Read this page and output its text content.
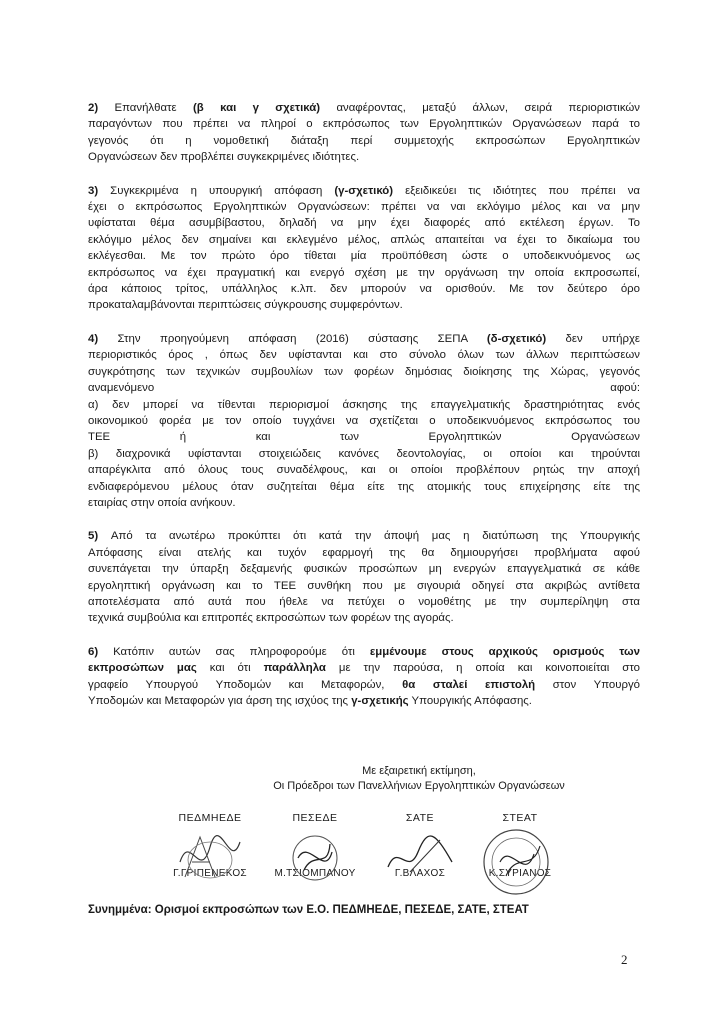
2) Επανήλθατε (β και γ σχετικά) αναφέροντας, μεταξύ άλλων, σειρά περιοριστικών
παραγόντων που πρέπει να πληροί ο εκπρόσωπος των Εργοληπτικών Οργανώσεων παρά το
γεγονός ότι η νομοθετική διάταξη περί συμμετοχής εκπροσώπων Εργοληπτικών
Οργανώσεων δεν προβλέπει συγκεκριμένες ιδιότητες.
3) Συγκεκριμένα η υπουργική απόφαση (γ-σχετικό) εξειδικεύει τις ιδιότητες που πρέπει να
έχει ο εκπρόσωπος Εργοληπτικών Οργανώσεων: πρέπει να ναι εκλόγιμο μέλος και να μην
υφίσταται θέμα ασυμβίβαστου, δηλαδή να μην έχει διαφορές από εκτέλεση έργων. Το
εκλόγιμο μέλος δεν σημαίνει και εκλεγμένο μέλος, απλώς απαιτείται να έχει το δικαίωμα του
εκλέγεσθαι. Με τον πρώτο όρο τίθεται μία προϋπόθεση ώστε ο υποδεικνυόμενος ως
εκπρόσωπος να έχει πραγματική και ενεργό σχέση με την οργάνωση την οποία εκπροσωπεί,
άρα κάποιος τρίτος, υπάλληλος κ.λπ. δεν μπορούν να ορισθούν. Με τον δεύτερο όρο
προκαταλαμβάνονται περιπτώσεις σύγκρουσης συμφερόντων.
4) Στην προηγούμενη απόφαση (2016) σύστασης ΣΕΠΑ (δ-σχετικό) δεν υπήρχε
περιοριστικός όρος , όπως δεν υφίστανται και στο σύνολο όλων των άλλων περιπτώσεων
συγκρότησης των τεχνικών συμβουλίων των φορέων δημόσιας διοίκησης της Χώρας, γεγονός
αναμενόμενο αφού:
α) δεν μπορεί να τίθενται περιορισμοί άσκησης της επαγγελματικής δραστηριότητας ενός
οικονομικού φορέα με τον οποίο τυγχάνει να σχετίζεται ο υποδεικνυόμενος εκπρόσωπος του
ΤΕΕ ή και των Εργοληπτικών Οργανώσεων
β) διαχρονικά υφίστανται στοιχειώδεις κανόνες δεοντολογίας, οι οποίοι και τηρούνται
απαρέγκλιτα από όλους τους συναδέλφους, και οι οποίοι προβλέπουν ρητώς την αποχή
ενδιαφερόμενου μέλους όταν συζητείται θέμα είτε της ατομικής τους επιχείρησης είτε της
εταιρίας στην οποία ανήκουν.
5) Από τα ανωτέρω προκύπτει ότι κατά την άποψή μας η διατύπωση της Υπουργικής
Απόφασης είναι ατελής και τυχόν εφαρμογή της θα δημιουργήσει προβλήματα αφού
συνεπάγεται την ύπαρξη δεξαμενής φυσικών προσώπων μη ενεργών επαγγελματικά σε κάθε
εργοληπτική οργάνωση και το ΤΕΕ συνθήκη που με σιγουριά οδηγεί στα ακριβώς αντίθετα
αποτελέσματα από αυτά που ήθελε να πετύχει ο νομοθέτης με την συμπερίληψη στα
τεχνικά συμβούλια και επιτροπές εκπροσώπων των φορέων της αγοράς.
6) Κατόπιν αυτών σας πληροφορούμε ότι εμμένουμε στους αρχικούς ορισμούς των
εκπροσώπων μας και ότι παράλληλα με την παρούσα, η οποία και κοινοποιείται στο
γραφείο Υπουργού Υποδομών και Μεταφορών, θα σταλεί επιστολή στον Υπουργό
Υποδομών και Μεταφορών για άρση της ισχύος της γ-σχετικής Υπουργικής Απόφασης.
Με εξαιρετική εκτίμηση,
Οι Πρόεδροι των Πανελλήνιων Εργοληπτικών Οργανώσεων
ΠΕΔΜΗΕΔΕ
Γ.ΓΡΙΠΕΝΕΚΟΣ
ΠΕΣΕΔΕ
Μ.ΤΣΙΟΜΠΑΝΟΥ
ΣΑΤΕ
Γ.ΒΛΑΧΟΣ
ΣΤΕΑΤ
Κ.ΣΥΡΙΑΝΟΣ
Συνημμένα: Ορισμοί εκπροσώπων των Ε.Ο. ΠΕΔΜΗΕΔΕ, ΠΕΣΕΔΕ, ΣΑΤΕ, ΣΤΕΑΤ
2
